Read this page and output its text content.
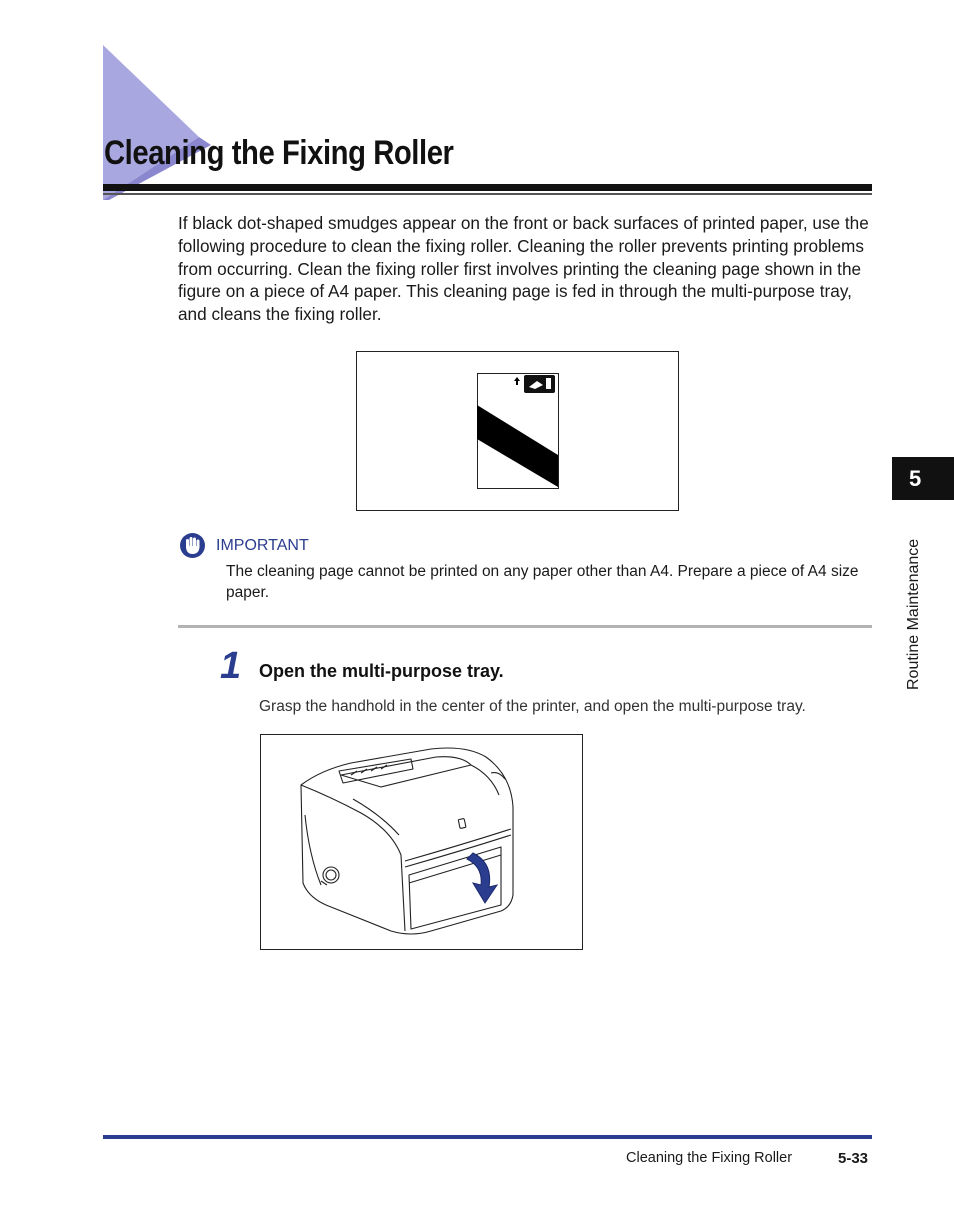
Cleaning the Fixing Roller

If black dot-shaped smudges appear on the front or back surfaces of printed paper, use the following procedure to clean the fixing roller. Cleaning the roller prevents printing problems from occurring. Clean the fixing roller first involves printing the cleaning page shown in the figure on a piece of A4 paper. This cleaning page is fed in through the multi-purpose tray, and cleans the fixing roller.

IMPORTANT

The cleaning page cannot be printed on any paper other than A4. Prepare a piece of A4 size paper.

1 Open the multi-purpose tray.
Grasp the handhold in the center of the printer, and open the multi-purpose tray.
5
Routine Maintenance
Cleaning the Fixing Roller	5-33
